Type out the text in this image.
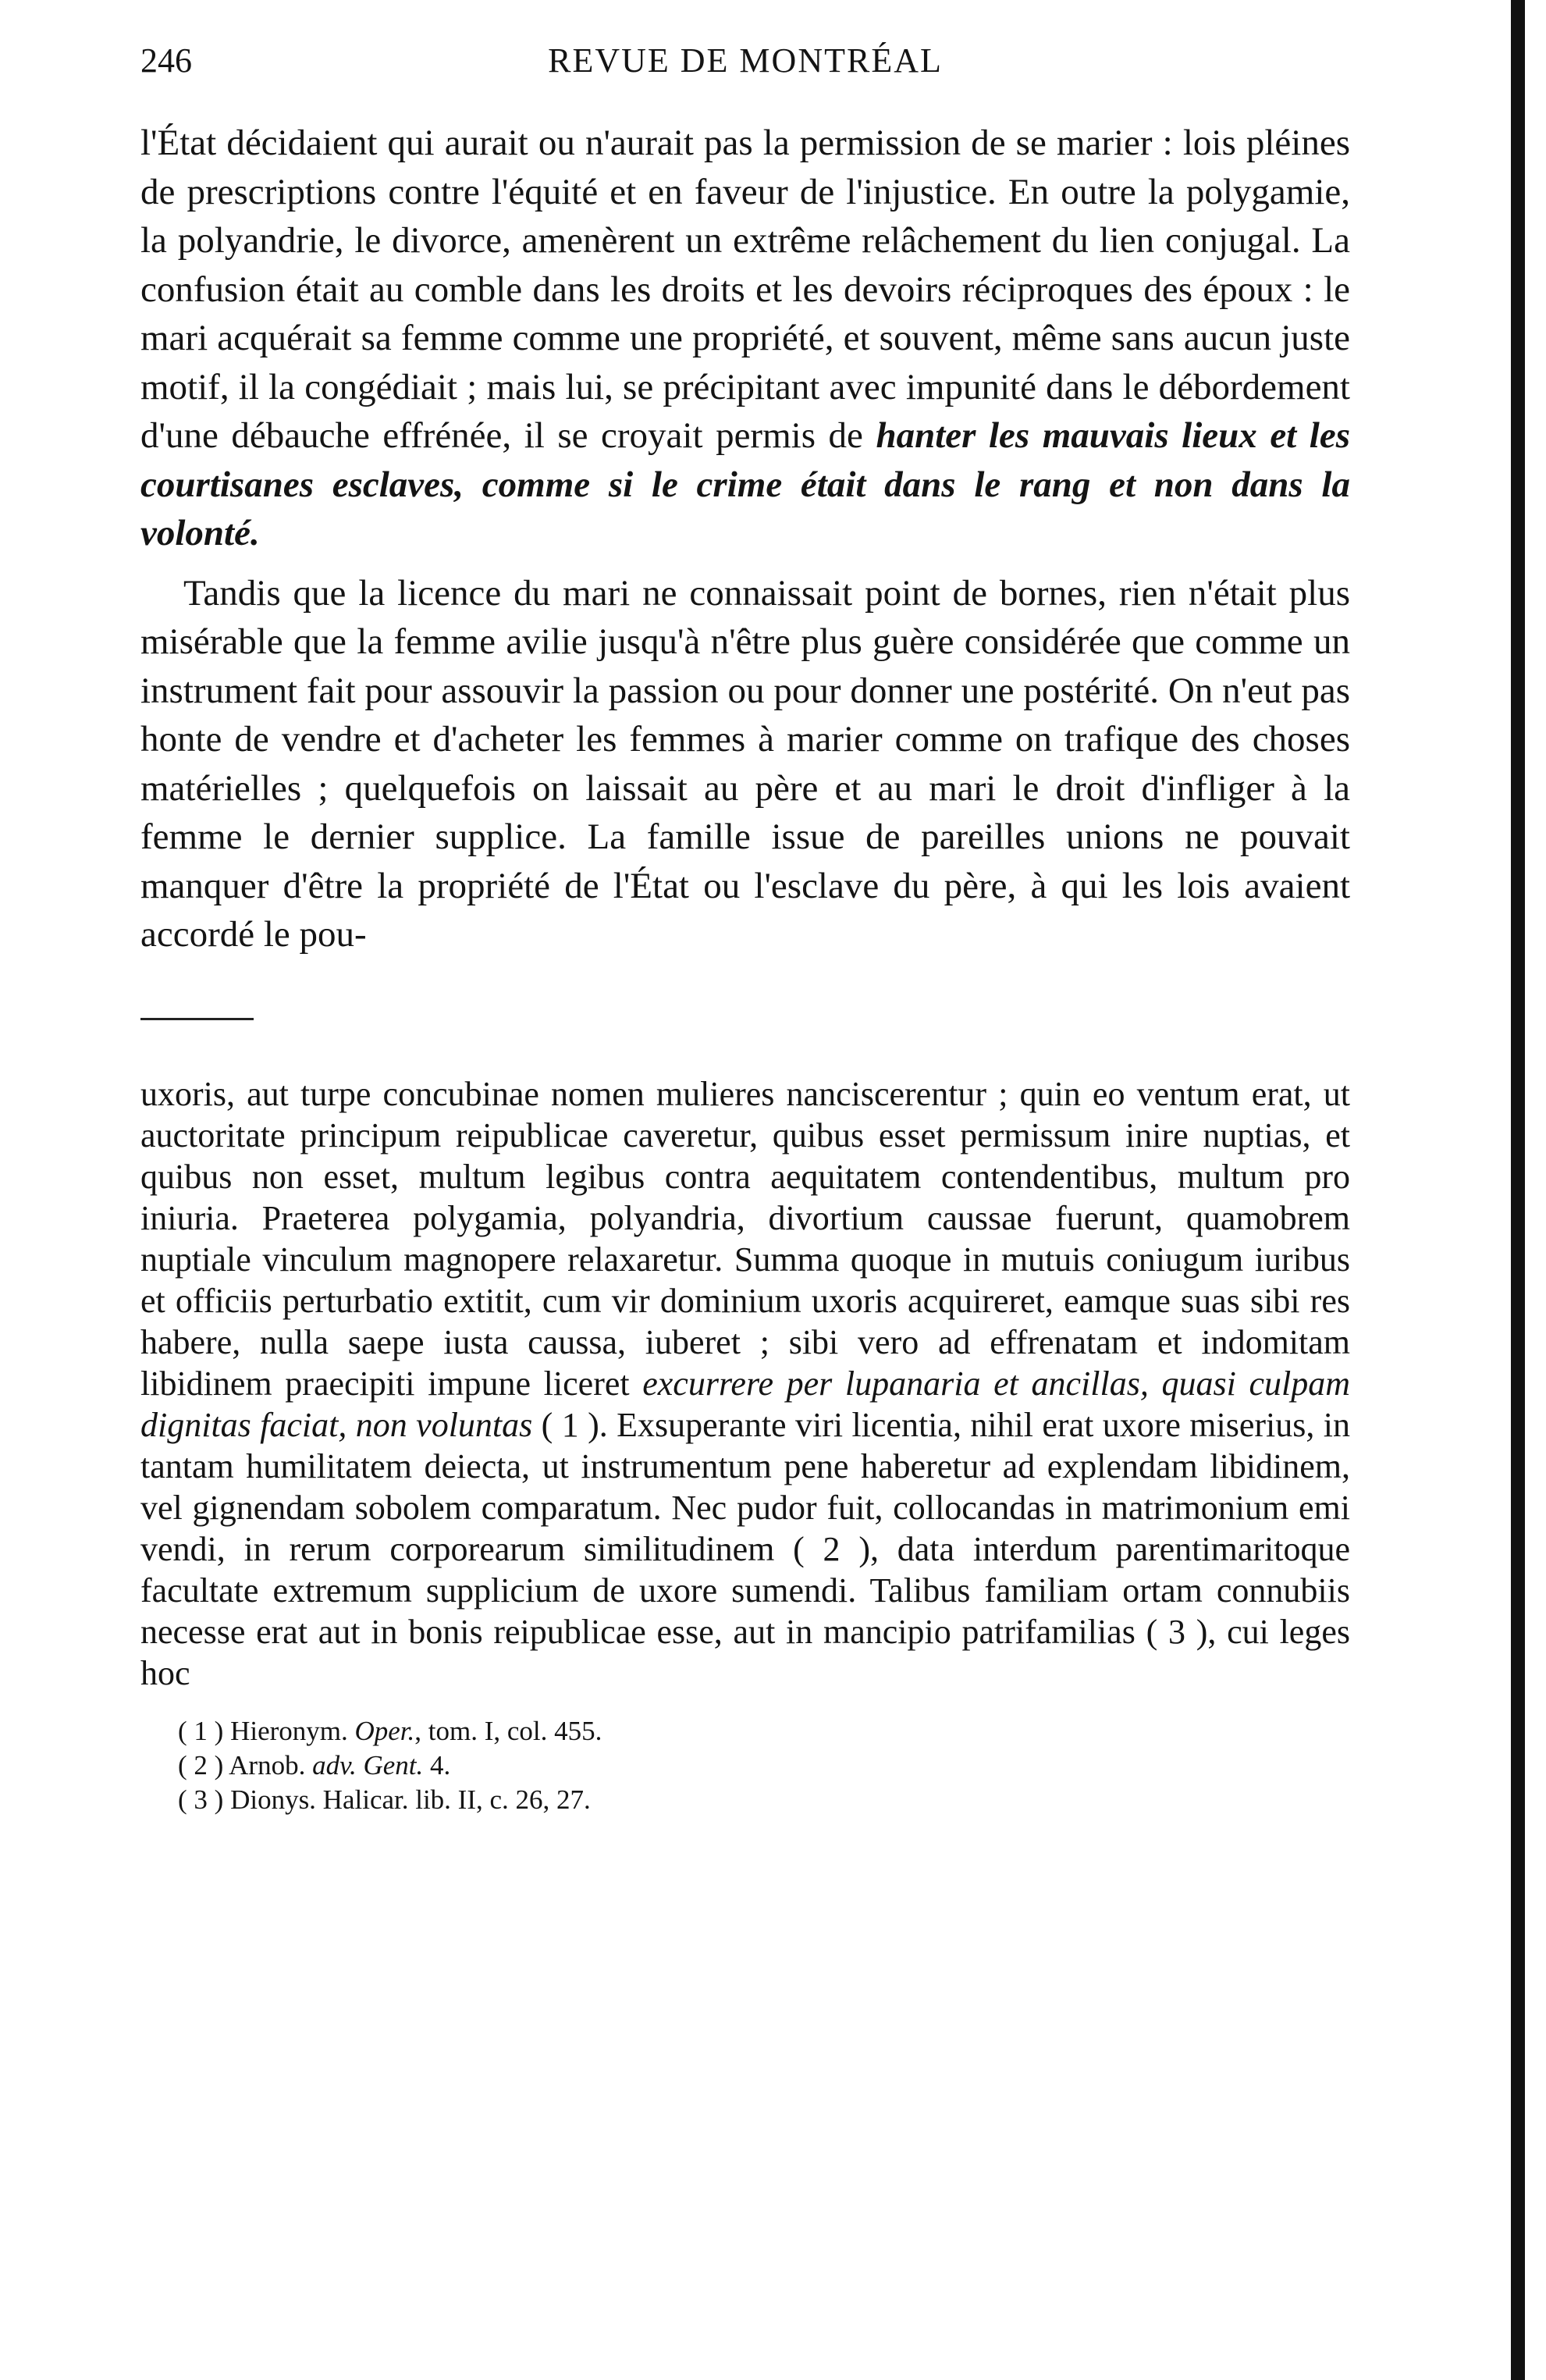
246	REVUE DE MONTRÉAL

l'État décidaient qui aurait ou n'aurait pas la permission de se marier : lois pléines de prescriptions contre l'équité et en faveur de l'injustice. En outre la polygamie, la polyandrie, le divorce, amenèrent un extrême relâchement du lien conjugal. La confusion était au comble dans les droits et les devoirs réciproques des époux : le mari acquérait sa femme comme une propriété, et souvent, même sans aucun juste motif, il la congédiait ; mais lui, se précipitant avec impunité dans le débordement d'une débauche effrénée, il se croyait permis de hanter les mauvais lieux et les courtisanes esclaves, comme si le crime était dans le rang et non dans la volonté.

Tandis que la licence du mari ne connaissait point de bornes, rien n'était plus misérable que la femme avilie jusqu'à n'être plus guère considérée que comme un instrument fait pour assouvir la passion ou pour donner une postérité. On n'eut pas honte de vendre et d'acheter les femmes à marier comme on trafique des choses matérielles ; quelquefois on laissait au père et au mari le droit d'infliger à la femme le dernier supplice. La famille issue de pareilles unions ne pouvait manquer d'être la propriété de l'État ou l'esclave du père, à qui les lois avaient accordé le pou-

uxoris, aut turpe concubinae nomen mulieres nanciscerentur ; quin eo ventum erat, ut auctoritate principum reipublicae caveretur, quibus esset permissum inire nuptias, et quibus non esset, multum legibus contra aequitatem contendentibus, multum pro iniuria. Praeterea polygamia, polyandria, divortium caussae fuerunt, quamobrem nuptiale vinculum magnopere relaxaretur. Summa quoque in mutuis coniugum iuribus et officiis perturbatio extitit, cum vir dominium uxoris acquireret, eamque suas sibi res habere, nulla saepe iusta caussa, iuberet ; sibi vero ad effrenatam et indomitam libidinem praecipiti impune liceret excurrere per lupanaria et ancillas, quasi culpam dignitas faciat, non voluntas ( 1 ). Exsuperante viri licentia, nihil erat uxore miserius, in tantam humilitatem deiecta, ut instrumentum pene haberetur ad explendam libidinem, vel gignendam sobolem comparatum. Nec pudor fuit, collocandas in matrimonium emi vendi, in rerum corporearum similitudinem ( 2 ), data interdum parentimaritoque facultate extremum supplicium de uxore sumendi. Talibus familiam ortam connubiis necesse erat aut in bonis reipublicae esse, aut in mancipio patrifamilias ( 3 ), cui leges hoc

( 1 ) Hieronym. Oper., tom. I, col. 455.
( 2 ) Arnob. adv. Gent. 4.
( 3 ) Dionys. Halicar. lib. II, c. 26, 27.
